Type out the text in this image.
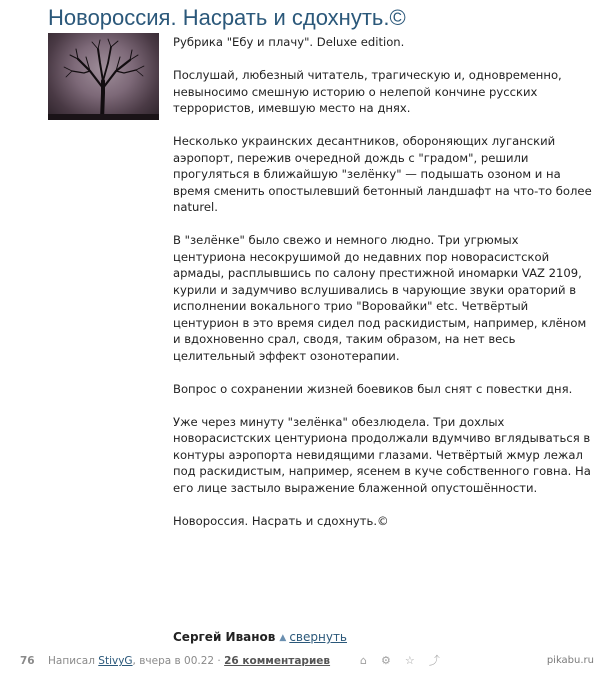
Новороссия. Насрать и сдохнуть.©

Рубрика "Ебу и плачу". Deluxe edition.

Послушай, любезный читатель, трагическую и, одновременно, невыносимо смешную историю о нелепой кончине русских террористов, имевшую место на днях.

Несколько украинских десантников, обороняющих луганский аэропорт, пережив очередной дождь с "градом", решили прогуляться в ближайшую "зелёнку" — подышать озоном и на время сменить опостылевший бетонный ландшафт на что-то более naturel.

В "зелёнке" было свежо и немного людно. Три угрюмых центуриона несокрушимой до недавних пор новорасистской армады, расплывшись по салону престижной иномарки VAZ 2109, курили и задумчиво вслушивались в чарующие звуки ораторий в исполнении вокального трио "Воровайки" etc. Четвёртый центурион в это время сидел под раскидистым, например, клёном и вдохновенно срал, сводя, таким образом, на нет весь целительный эффект озонотерапии.

Вопрос о сохранении жизней боевиков был снят с повестки дня.

Уже через минуту "зелёнка" обезлюдела. Три дохлых новорасистских центуриона продолжали вдумчиво вглядываться в контуры аэропорта невидящими глазами. Четвёртый жмур лежал под раскидистым, например, ясенем в куче собственного говна. На его лице застыло выражение блаженной опустошённости.

Новороссия. Насрать и сдохнуть.©

Сергей Иванов ▲ свернуть
76 Написал StivyG, вчера в 00.22 · 26 комментариев	⌂ ⚙ ☆ ⤴	pikabu.ru
